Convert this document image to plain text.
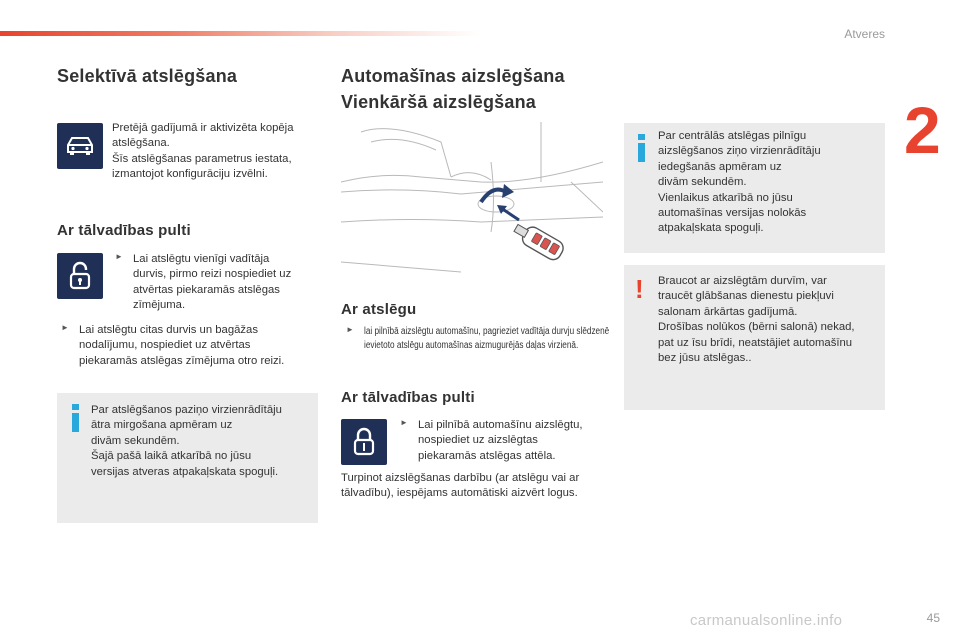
Atveres
2
45
carmanualsonline.info
Selektīvā atslēgšana

Pretējā gadījumā ir aktivizēta kopēja

atslēgšana.

Šīs atslēgšanas parametrus iestata,

izmantojot konfigurāciju izvēlni.

Ar tālvadības pulti

Lai atslēgtu vienīgi vadītāja

durvis, pirmo reizi nospiediet uz

atvērtas piekaramās atslēgas

zīmējuma.

Lai atslēgtu citas durvis un bagāžas

nodalījumu, nospiediet uz atvērtas

piekaramās atslēgas zīmējuma otro reizi.

Par atslēgšanos paziņo virzienrādītāju

ātra mirgošana apmēram uz

divām sekundēm.

Šajā pašā laikā atkarībā no jūsu

versijas atveras atpakaļskata spoguļi.

Automašīnas aizslēgšana
Vienkāršā aizslēgšana
Ar atslēgu

lai pilnībā aizslēgtu automašīnu, pagrieziet vadītāja durvju slēdzenē

ievietoto atslēgu automašīnas aizmugurējās daļas virzienā.

Ar tālvadības pulti

Lai pilnībā automašīnu aizslēgtu,

nospiediet uz aizslēgtas

piekaramās atslēgas attēla.

Turpinot aizslēgšanas darbību (ar atslēgu vai ar

tālvadību), iespējams automātiski aizvērt logus.

Par centrālās atslēgas pilnīgu

aizslēgšanos ziņo virzienrādītāju

iedegšanās apmēram uz

divām sekundēm.

Vienlaikus atkarībā no jūsu

automašīnas versijas nolokās

atpakaļskata spoguļi.

! Braucot ar aizslēgtām durvīm, var

traucēt glābšanas dienestu piekļuvi

salonam ārkārtas gadījumā.

Drošības nolūkos (bērni salonā) nekad,

pat uz īsu brīdi, neatstājiet automašīnu

bez jūsu atslēgas..
